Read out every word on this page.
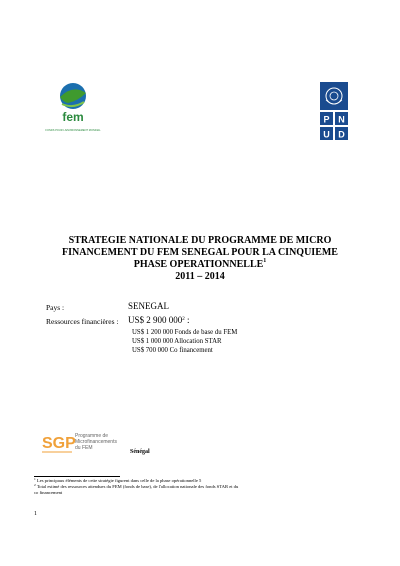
fem
FONDS POUR L'ENVIRONNEMENT MONDIAL
P N
U D
STRATEGIE NATIONALE DU PROGRAMME DE MICRO
FINANCEMENT DU FEM SENEGAL POUR LA CINQUIEME
PHASE OPERATIONNELLE$^1$
2011 – 2014
Pays :	SENEGAL
Ressources financières : US$ 2 900 $000^2$ :
US$ 1 200 000 Fonds de base du FEM
US$ 1 000 000 Allocation STAR
US$ 700 000 Co financement
SGP Programme de
Microfinancements
du FEM
Sénégal
$^1$ Les principaux éléments de cette stratégie figurent dans celle de la phase opérationnelle 5
$^2$ Total estimé des ressources attendues du FEM (fonds de base), de l'allocation nationale des fonds STAR et du
co financement
1
